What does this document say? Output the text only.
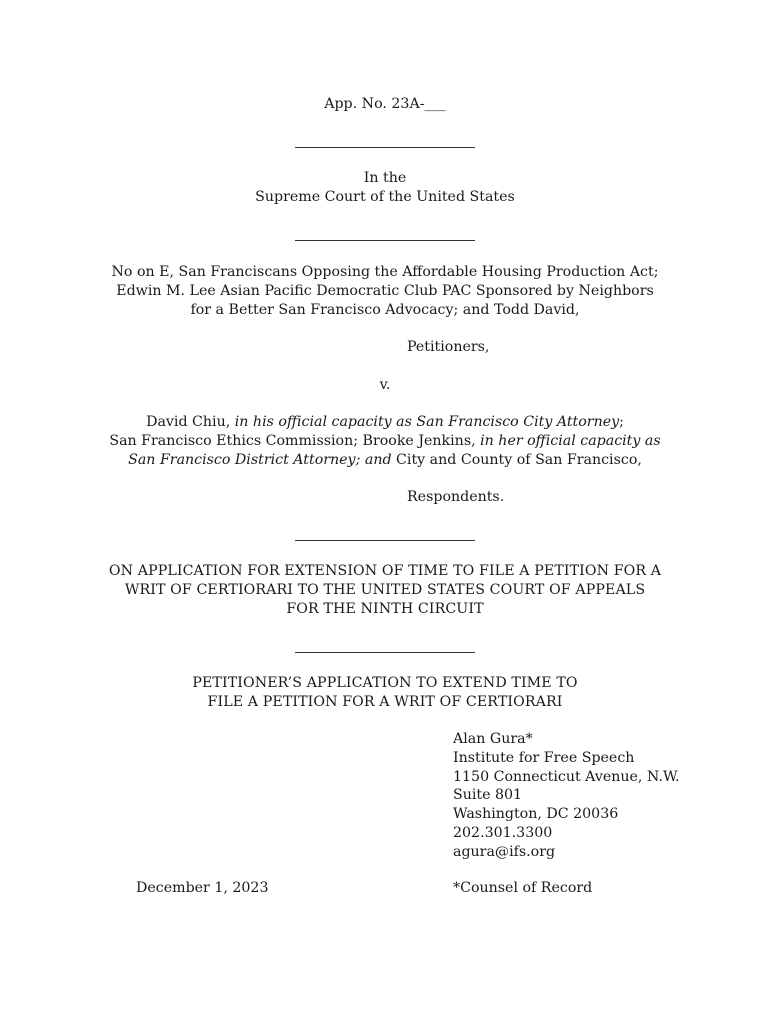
App. No. 23A-___
In the
Supreme Court of the United States
No on E, San Franciscans Opposing the Affordable Housing Production Act;
Edwin M. Lee Asian Pacific Democratic Club PAC Sponsored by Neighbors
for a Better San Francisco Advocacy; and Todd David,
Petitioners,
v.
David Chiu, in his official capacity as San Francisco City Attorney;
San Francisco Ethics Commission; Brooke Jenkins, in her official capacity as
San Francisco District Attorney; and City and County of San Francisco,
Respondents.
ON APPLICATION FOR EXTENSION OF TIME TO FILE A PETITION FOR A
WRIT OF CERTIORARI TO THE UNITED STATES COURT OF APPEALS
FOR THE NINTH CIRCUIT
PETITIONER’S APPLICATION TO EXTEND TIME TO
FILE A PETITION FOR A WRIT OF CERTIORARI
Alan Gura*
Institute for Free Speech
1150 Connecticut Avenue, N.W.
Suite 801
Washington, DC 20036
202.301.3300
agura@ifs.org
December 1, 2023	*Counsel of Record
